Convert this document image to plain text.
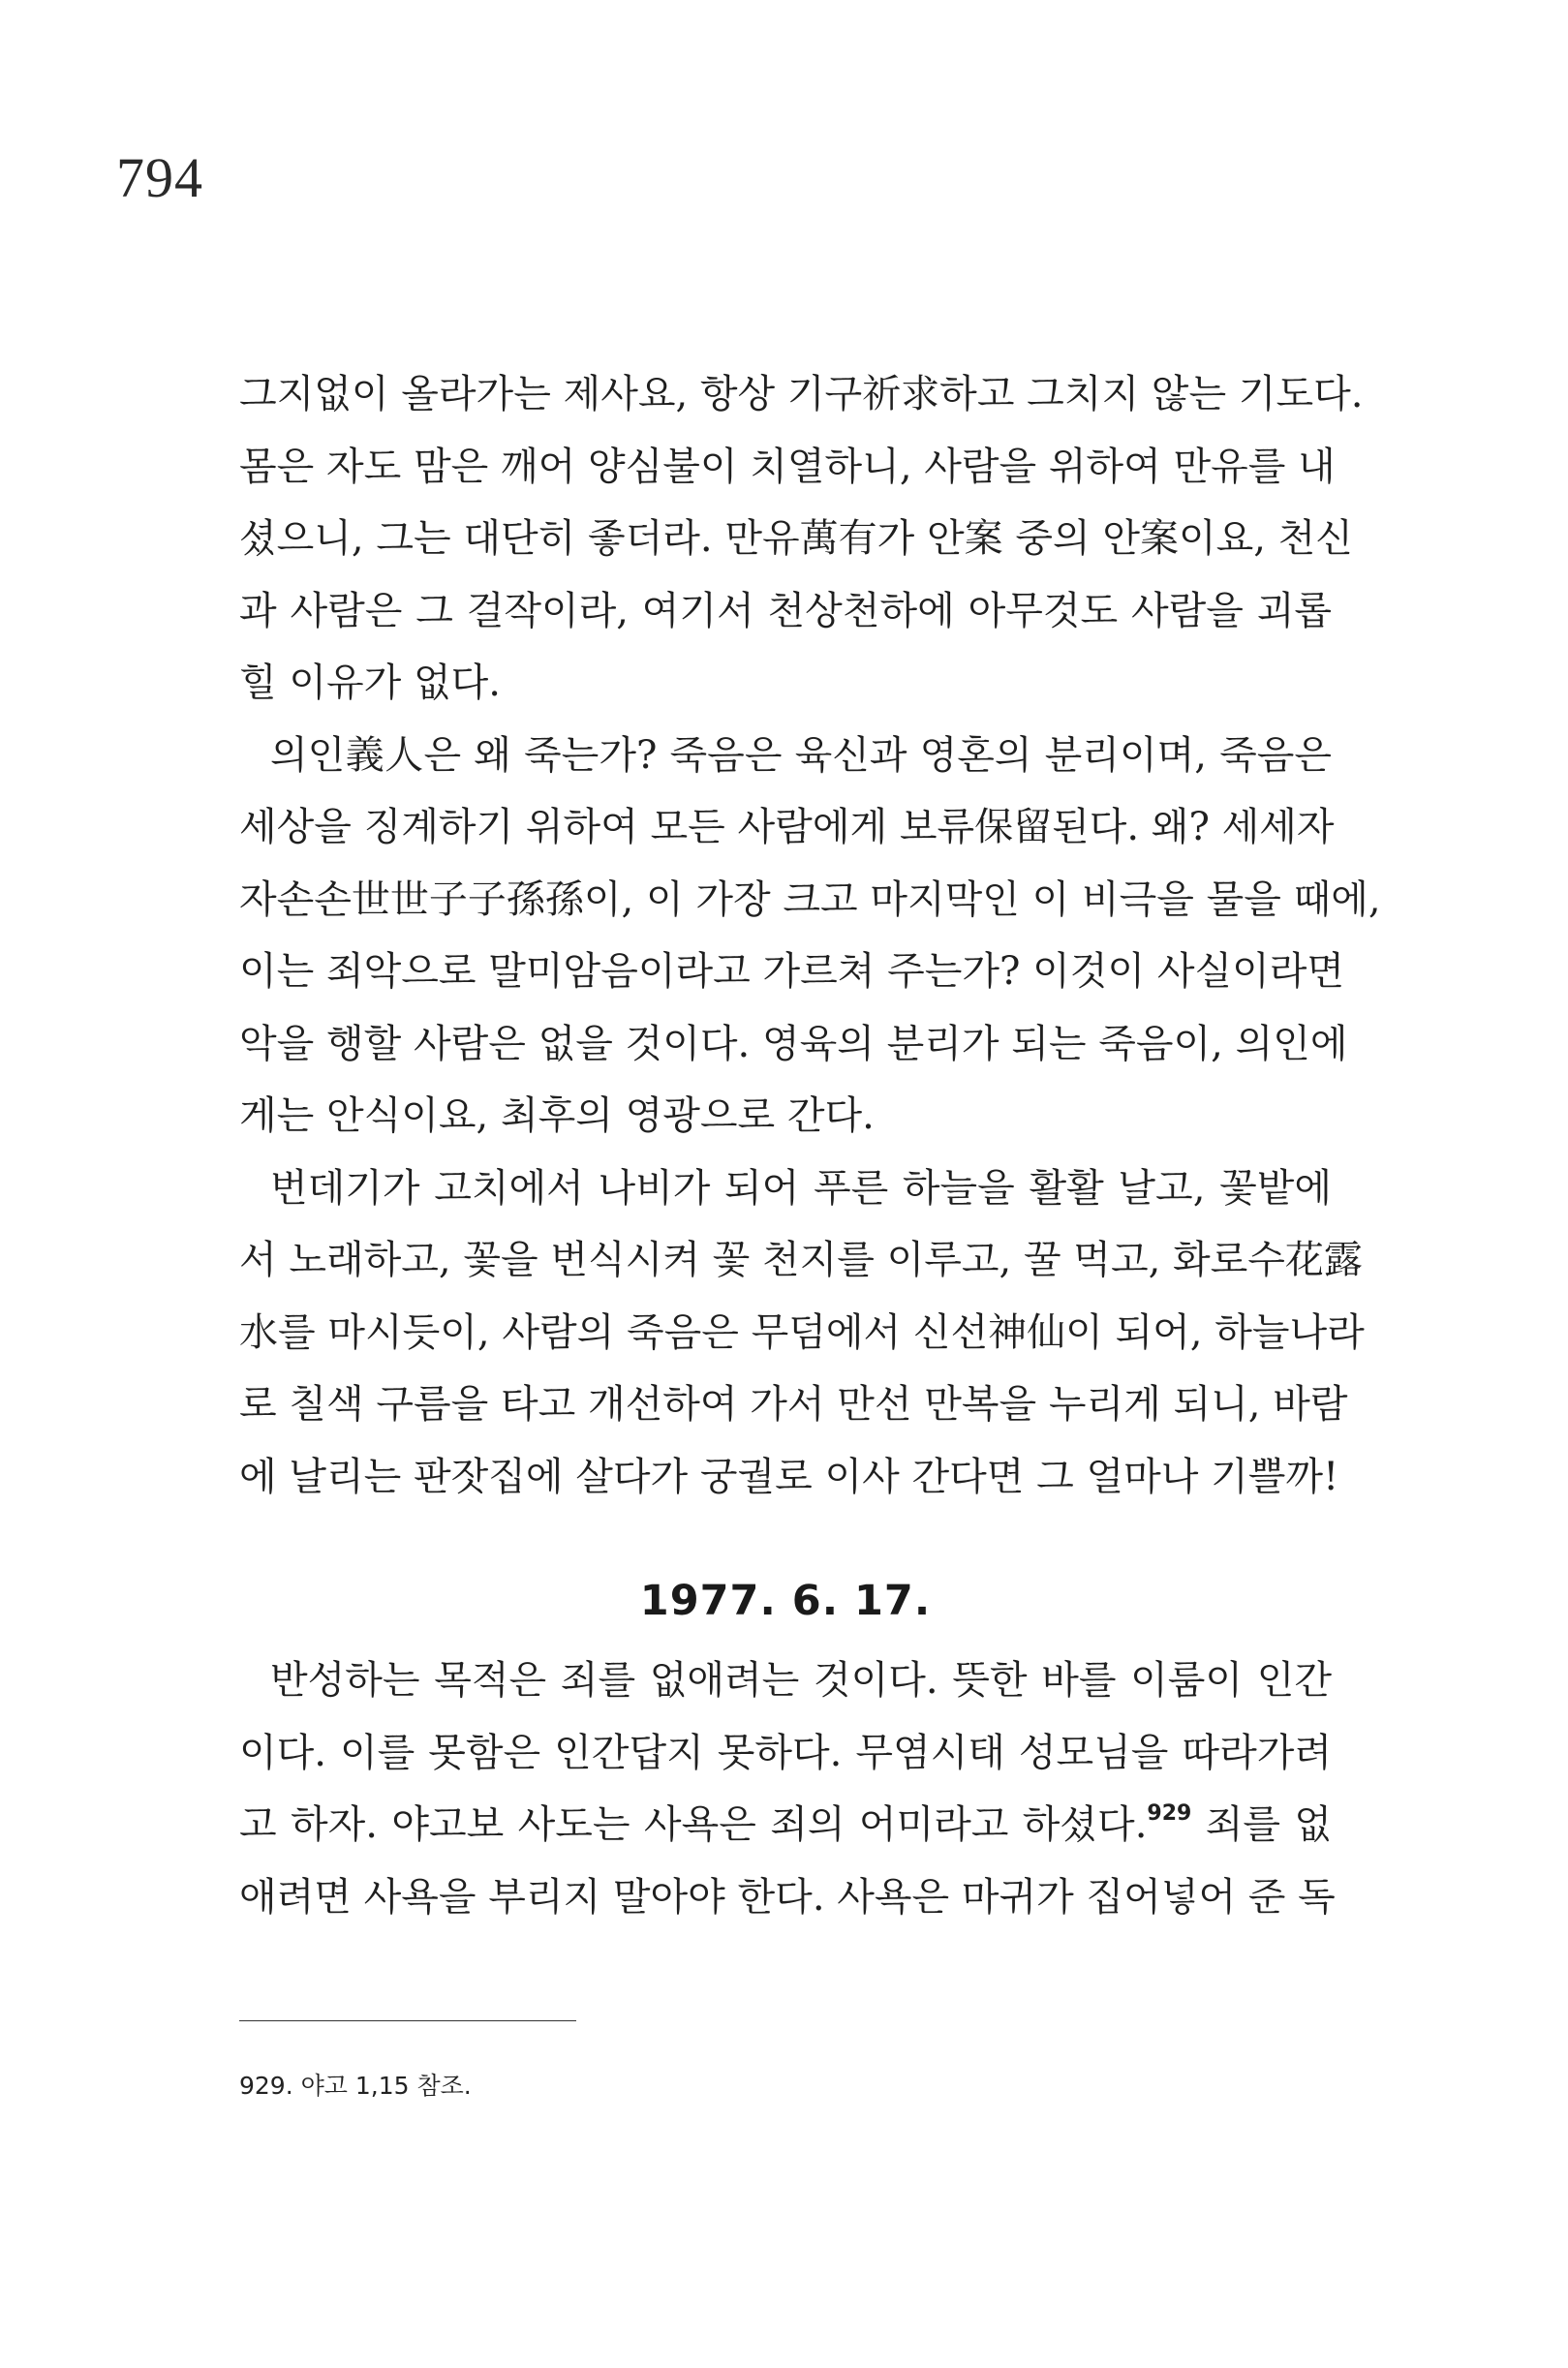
794
그지없이 올라가는 제사요, 항상 기구祈求하고 그치지 않는 기도다.
몸은 자도 맘은 깨어 양심불이 치열하니, 사람을 위하여 만유를 내
셨으니, 그는 대단히 좋더라. 만유萬有가 안案 중의 안案이요, 천신
과 사람은 그 걸작이라, 여기서 천상천하에 아무것도 사람을 괴롭
힐 이유가 없다.
의인義人은 왜 죽는가? 죽음은 육신과 영혼의 분리이며, 죽음은
세상을 징계하기 위하여 모든 사람에게 보류保留된다. 왜? 세세자
자손손世世子子孫孫이, 이 가장 크고 마지막인 이 비극을 물을 때에,
이는 죄악으로 말미암음이라고 가르쳐 주는가? 이것이 사실이라면
악을 행할 사람은 없을 것이다. 영육의 분리가 되는 죽음이, 의인에
게는 안식이요, 최후의 영광으로 간다.
번데기가 고치에서 나비가 되어 푸른 하늘을 활활 날고, 꽃밭에
서 노래하고, 꽃을 번식시켜 꽃 천지를 이루고, 꿀 먹고, 화로수花露
水를 마시듯이, 사람의 죽음은 무덤에서 신선神仙이 되어, 하늘나라
로 칠색 구름을 타고 개선하여 가서 만선 만복을 누리게 되니, 바람
에 날리는 판잣집에 살다가 궁궐로 이사 간다면 그 얼마나 기쁠까!
1977. 6. 17.
반성하는 목적은 죄를 없애려는 것이다. 뜻한 바를 이룸이 인간
이다. 이를 못함은 인간답지 못하다. 무염시태 성모님을 따라가려
고 하자. 야고보 사도는 사욕은 죄의 어미라고 하셨다.$^{929}$ 죄를 없
애려면 사욕을 부리지 말아야 한다. 사욕은 마귀가 집어넣어 준 독
929. 야고 1,15 참조.
